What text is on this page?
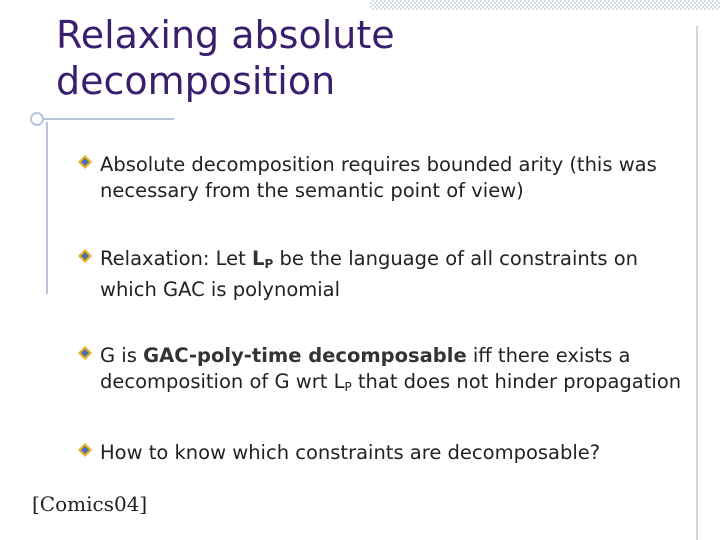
Relaxing absolute
decomposition
Absolute decomposition requires bounded arity (this was necessary from the semantic point of view)
Relaxation: Let $L_P$ be the language of all constraints on which GAC is polynomial
G is GAC-poly-time decomposable iff there exists a decomposition of G wrt $L_P$ that does not hinder propagation
How to know which constraints are decomposable?
[Comics04]
